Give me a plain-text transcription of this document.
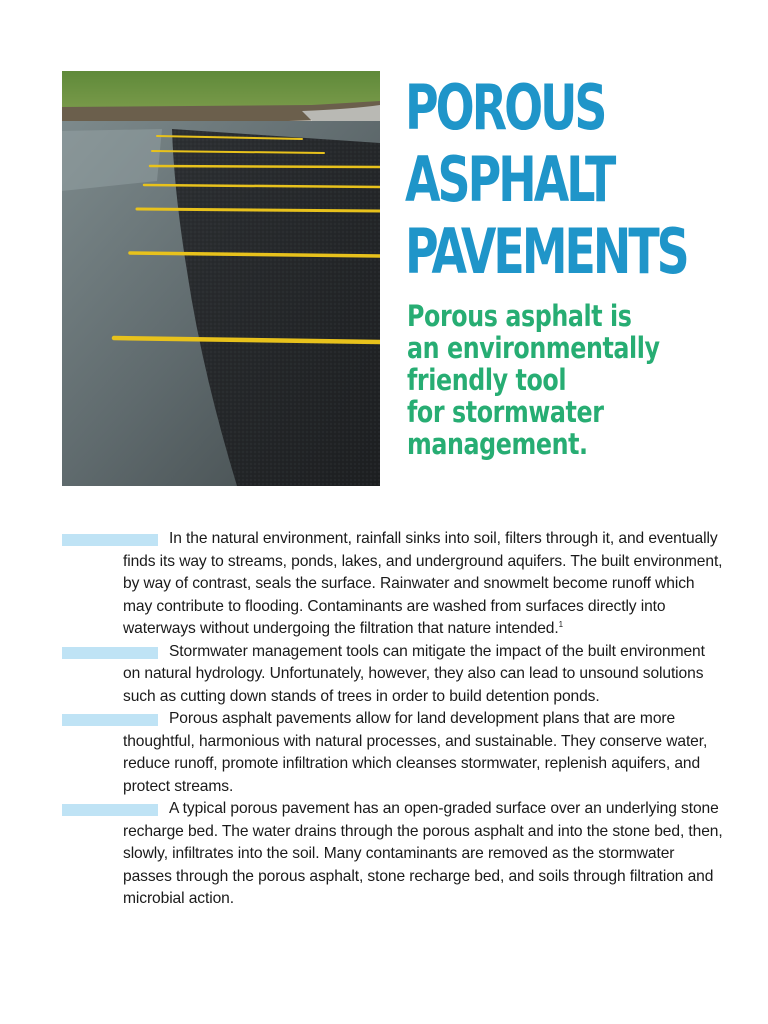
POROUS
ASPHALT
PAVEMENTS
Porous asphalt is
an environmentally
friendly tool
for stormwater
management.

In the natural environment, rainfall sinks into soil, filters through it, and eventually finds its way to streams, ponds, lakes, and underground aquifers. The built environment, by way of contrast, seals the surface. Rainwater and snowmelt become runoff which may contribute to flooding. Contaminants are washed from surfaces directly into waterways without undergoing the filtration that nature intended.$^1$

Stormwater management tools can mitigate the impact of the built environment on natural hydrology. Unfortunately, however, they also can lead to unsound solutions such as cutting down stands of trees in order to build detention ponds.

Porous asphalt pavements allow for land development plans that are more thoughtful, harmonious with natural processes, and sustainable. They conserve water, reduce runoff, promote infiltration which cleanses stormwater, replenish aquifers, and protect streams.

A typical porous pavement has an open-graded surface over an underlying stone recharge bed. The water drains through the porous asphalt and into the stone bed, then, slowly, infiltrates into the soil. Many contaminants are removed as the stormwater passes through the porous asphalt, stone recharge bed, and soils through filtration and microbial action.
